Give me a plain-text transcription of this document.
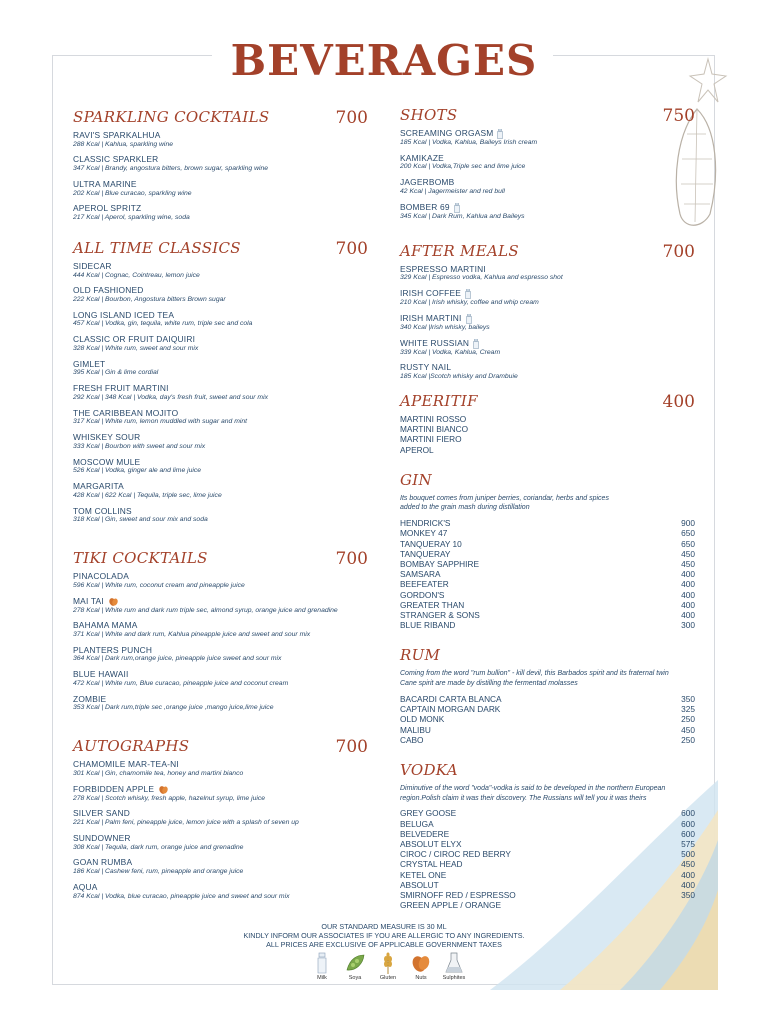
BEVERAGES
SPARKLING COCKTAILS	700
RAVI'S SPARKALHUA
288 Kcal | Kahlua, sparkling wine
CLASSIC SPARKLER
347 Kcal | Brandy, angostura bitters, brown sugar, sparkling wine
ULTRA MARINE
202 Kcal | Blue curacao, sparkling wine
APEROL SPRITZ
217 Kcal | Aperol, sparkling wine, soda
ALL TIME CLASSICS	700
SIDECAR
444 Kcal | Cognac, Cointreau, lemon juice
OLD FASHIONED
222 Kcal | Bourbon, Angostura bitters Brown sugar
LONG ISLAND ICED TEA
457 Kcal | Vodka, gin, tequila, white rum, triple sec and cola
CLASSIC OR FRUIT DAIQUIRI
328 Kcal | White rum, sweet and sour mix
GIMLET
395 Kcal | Gin & lime cordial
FRESH FRUIT MARTINI
292 Kcal | 348 Kcal | Vodka, day's fresh fruit, sweet and sour mix
THE CARIBBEAN MOJITO
317 Kcal | White rum, lemon muddled with sugar and mint
WHISKEY SOUR
333 Kcal | Bourbon with sweet and sour mix
MOSCOW MULE
526 Kcal | Vodka, ginger ale and lime juice
MARGARITA
428 Kcal | 622 Kcal | Tequila, triple sec, lime juice
TOM COLLINS
318 Kcal | Gin, sweet and sour mix and soda
TIKI COCKTAILS	700
PINACOLADA
596 Kcal | White rum, coconut cream and pineapple juice
MAI TAI
278 Kcal | White rum and dark rum triple sec, almond syrup, orange juice and grenadine
BAHAMA MAMA
371 Kcal | White and dark rum, Kahlua pineapple juice and sweet and sour mix
PLANTERS PUNCH
364 Kcal | Dark rum,orange juice, pineapple juice sweet and sour mix
BLUE HAWAII
472 Kcal | White rum, Blue curacao, pineapple juice and coconut cream
ZOMBIE
353 Kcal | Dark rum,triple sec ,orange juice ,mango juice,lime juice
AUTOGRAPHS	700
CHAMOMILE MAR-TEA-NI
301 Kcal | Gin, chamomile tea, honey and martini bianco
FORBIDDEN APPLE
278 Kcal | Scotch whisky, fresh apple, hazelnut syrup, lime juice
SILVER SAND
221 Kcal | Palm feni, pineapple juice, lemon juice with a splash of seven up
SUNDOWNER
308 Kcal | Tequila, dark rum, orange juice and grenadine
GOAN RUMBA
186 Kcal | Cashew feni, rum, pineapple and orange juice
AQUA
874 Kcal | Vodka, blue curacao, pineapple juice and sweet and sour mix
SHOTS	750
SCREAMING ORGASM
185 Kcal | Vodka, Kahlua, Baileys Irish cream
KAMIKAZE
200 Kcal | Vodka,Triple sec and lime juice
JAGERBOMB
42 Kcal | Jagermeister and red bull
BOMBER 69
345 Kcal | Dark Rum, Kahlua and Baileys
AFTER MEALS	700
ESPRESSO MARTINI
329 Kcal | Espresso vodka, Kahlua and espresso shot
IRISH COFFEE
210 Kcal | Irish whisky, coffee and whip cream
IRISH MARTINI
340 Kcal |Irish whisky, baileys
WHITE RUSSIAN
339 Kcal | Vodka, Kahlua, Cream
RUSTY NAIL
185 Kcal |Scotch whisky and Drambuie
APERITIF	400
MARTINI ROSSO
MARTINI BIANCO
MARTINI FIERO
APEROL
GIN
Its bouquet comes from juniper berries, coriandar, herbs and spices added to the grain mash during distillation
HENDRICK'S	900
MONKEY 47	650
TANQUERAY 10	650
TANQUERAY	450
BOMBAY SAPPHIRE	450
SAMSARA	400
BEEFEATER	400
GORDON'S	400
GREATER THAN	400
STRANGER & SONS	400
BLUE RIBAND	300
RUM
Coming from the word "rum bullion" - kill devil, this Barbados spirit and its fraternal twin Cane spirit are made by distilling the fermentad molasses
BACARDI CARTA BLANCA	350
CAPTAIN MORGAN DARK	325
OLD MONK	250
MALIBU	450
CABO	250
VODKA
Diminutive of the word "voda"-vodka is said to be developed in the northern European region.Polish claim it was their discovery. The Russians will tell you it was theirs
GREY GOOSE	600
BELUGA	600
BELVEDERE	600
ABSOLUT ELYX	575
CIROC / CIROC RED BERRY	500
CRYSTAL HEAD	450
KETEL ONE	400
ABSOLUT	400
SMIRNOFF RED / ESPRESSO	350
GREEN APPLE / ORANGE
OUR STANDARD MEASURE IS 30 ML
KINDLY INFORM OUR ASSOCIATES IF YOU ARE ALLERGIC TO ANY INGREDIENTS.
ALL PRICES ARE EXCLUSIVE OF APPLICABLE GOVERNMENT TAXES
Milk	Soya	Gluten	Nuts	Sulphites
